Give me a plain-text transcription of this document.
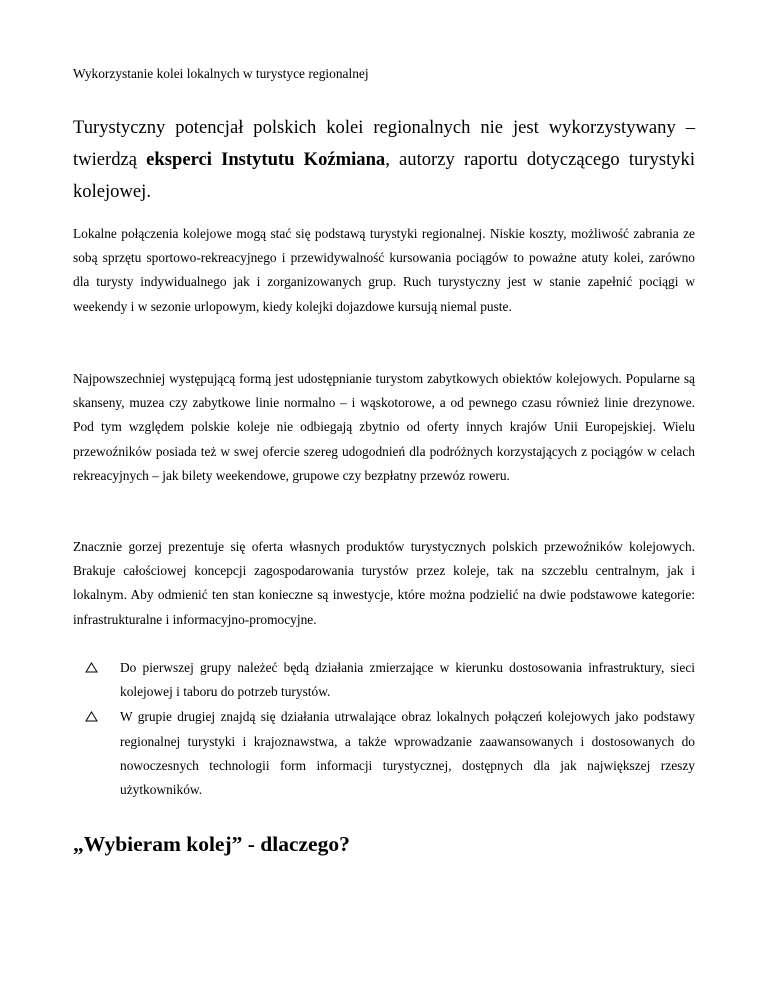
Wykorzystanie kolei lokalnych w turystyce regionalnej

Turystyczny potencjał polskich kolei regionalnych nie jest wykorzystywany – twierdzą eksperci Instytutu Koźmiana, autorzy raportu dotyczącego turystyki kolejowej.

Lokalne połączenia kolejowe mogą stać się podstawą turystyki regionalnej. Niskie koszty, możliwość zabrania ze sobą sprzętu sportowo-rekreacyjnego i przewidywalność kursowania pociągów to poważne atuty kolei, zarówno dla turysty indywidualnego jak i zorganizowanych grup. Ruch turystyczny jest w stanie zapełnić pociągi w weekendy i w sezonie urlopowym, kiedy kolejki dojazdowe kursują niemal puste.

Najpowszechniej występującą formą jest udostępnianie turystom zabytkowych obiektów kolejowych. Popularne są skanseny, muzea czy zabytkowe linie normalno – i wąskotorowe, a od pewnego czasu również linie drezynowe. Pod tym względem polskie koleje nie odbiegają zbytnio od oferty innych krajów Unii Europejskiej. Wielu przewoźników posiada też w swej ofercie szereg udogodnień dla podróżnych korzystających z pociągów w celach rekreacyjnych – jak bilety weekendowe, grupowe czy bezpłatny przewóz roweru.

Znacznie gorzej prezentuje się oferta własnych produktów turystycznych polskich przewoźników kolejowych. Brakuje całościowej koncepcji zagospodarowania turystów przez koleje, tak na szczeblu centralnym, jak i lokalnym. Aby odmienić ten stan konieczne są inwestycje, które można podzielić na dwie podstawowe kategorie: infrastrukturalne i informacyjno-promocyjne.

Do pierwszej grupy należeć będą działania zmierzające w kierunku dostosowania infrastruktury, sieci kolejowej i taboru do potrzeb turystów.
W grupie drugiej znajdą się działania utrwalające obraz lokalnych połączeń kolejowych jako podstawy regionalnej turystyki i krajoznawstwa, a także wprowadzanie zaawansowanych i dostosowanych do nowoczesnych technologii form informacji turystycznej, dostępnych dla jak największej rzeszy użytkowników.
„Wybieram kolej” - dlaczego?
